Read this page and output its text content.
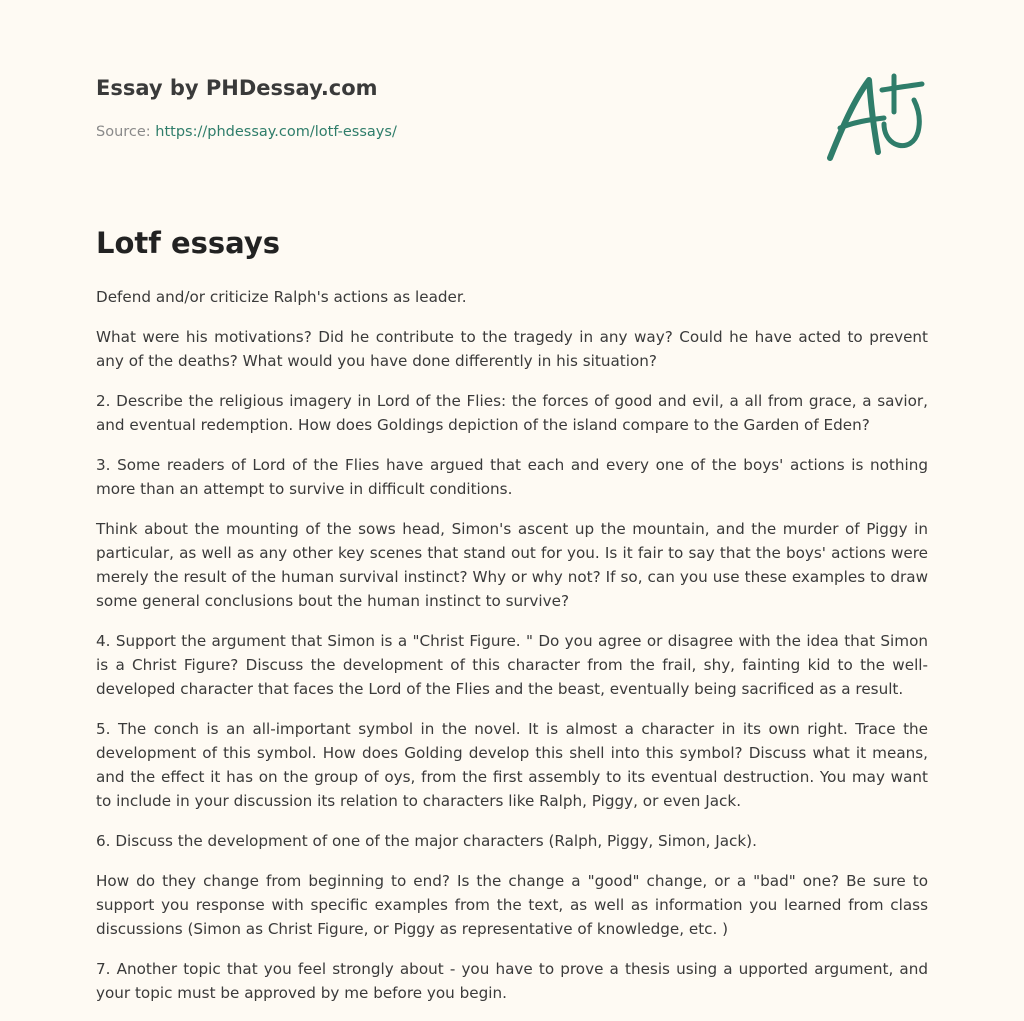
Essay by PHDessay.com

Source: https://phdessay.com/lotf-essays/

Lotf essays

Defend and/or criticize Ralph's actions as leader.

What were his motivations? Did he contribute to the tragedy in any way? Could he have acted to prevent any of the deaths? What would you have done differently in his situation?

2. Describe the religious imagery in Lord of the Flies: the forces of good and evil, a all from grace, a savior, and eventual redemption. How does Goldings depiction of the island compare to the Garden of Eden?

3. Some readers of Lord of the Flies have argued that each and every one of the boys' actions is nothing more than an attempt to survive in difficult conditions.

Think about the mounting of the sows head, Simon's ascent up the mountain, and the murder of Piggy in particular, as well as any other key scenes that stand out for you. Is it fair to say that the boys' actions were merely the result of the human survival instinct? Why or why not? If so, can you use these examples to draw some general conclusions bout the human instinct to survive?

4. Support the argument that Simon is a "Christ Figure. " Do you agree or disagree with the idea that Simon is a Christ Figure? Discuss the development of this character from the frail, shy, fainting kid to the well-developed character that faces the Lord of the Flies and the beast, eventually being sacrificed as a result.

5. The conch is an all-important symbol in the novel. It is almost a character in its own right. Trace the development of this symbol. How does Golding develop this shell into this symbol? Discuss what it means, and the effect it has on the group of oys, from the first assembly to its eventual destruction. You may want to include in your discussion its relation to characters like Ralph, Piggy, or even Jack.

6. Discuss the development of one of the major characters (Ralph, Piggy, Simon, Jack).

How do they change from beginning to end? Is the change a "good" change, or a "bad" one? Be sure to support you response with specific examples from the text, as well as information you learned from class discussions (Simon as Christ Figure, or Piggy as representative of knowledge, etc. )

7. Another topic that you feel strongly about - you have to prove a thesis using a upported argument, and your topic must be approved by me before you begin.
